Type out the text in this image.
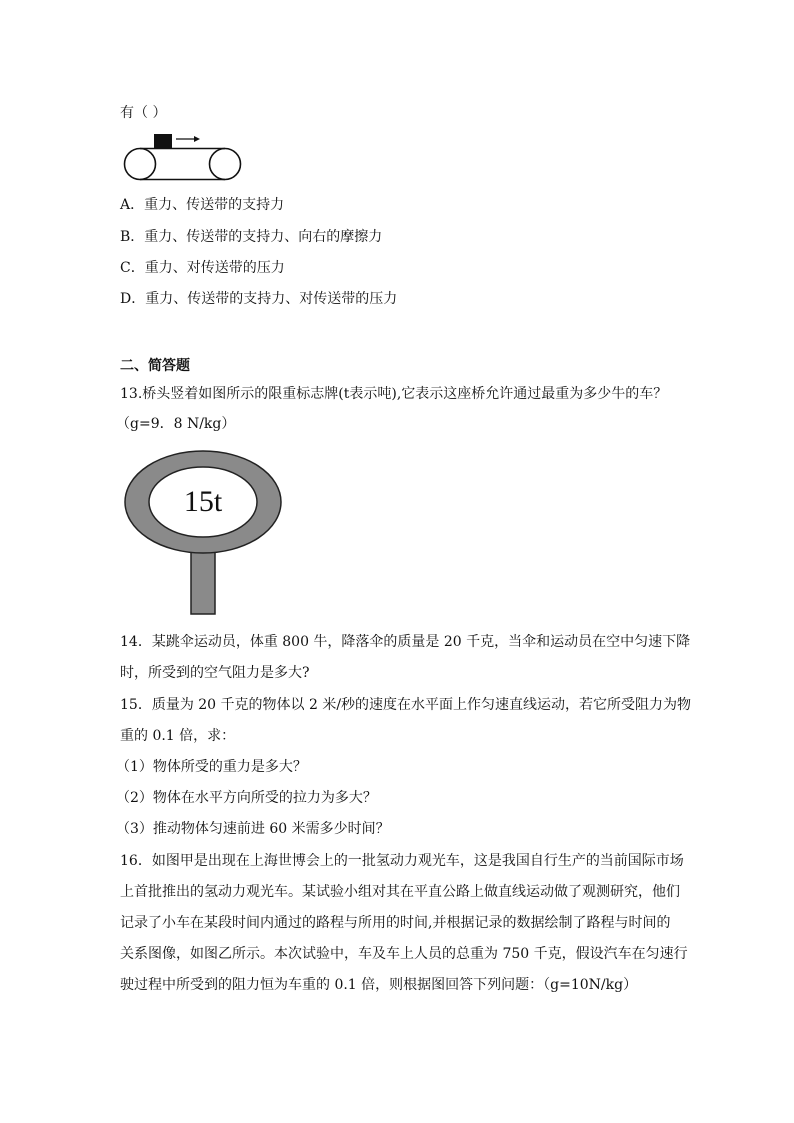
有（ ）
A．重力、传送带的支持力
B．重力、传送带的支持力、向右的摩擦力
C．重力、对传送带的压力
D．重力、传送带的支持力、对传送带的压力
二、简答题
13.桥头竖着如图所示的限重标志牌(t表示吨),它表示这座桥允许通过最重为多少牛的车？
（g=9．8 N/kg）
15t
14．某跳伞运动员，体重 800 牛，降落伞的质量是 20 千克，当伞和运动员在空中匀速下降
时，所受到的空气阻力是多大?
15．质量为 20 千克的物体以 2 米/秒的速度在水平面上作匀速直线运动，若它所受阻力为物
重的 0.1 倍，求：
（1）物体所受的重力是多大？
（2）物体在水平方向所受的拉力为多大？
（3）推动物体匀速前进 60 米需多少时间？
16．如图甲是出现在上海世博会上的一批氢动力观光车，这是我国自行生产的当前国际市场
上首批推出的氢动力观光车。某试验小组对其在平直公路上做直线运动做了观测研究，他们
记录了小车在某段时间内通过的路程与所用的时间,并根据记录的数据绘制了路程与时间的
关系图像，如图乙所示。本次试验中，车及车上人员的总重为 750 千克，假设汽车在匀速行
驶过程中所受到的阻力恒为车重的 0.1 倍，则根据图回答下列问题：（g=10N/kg）
